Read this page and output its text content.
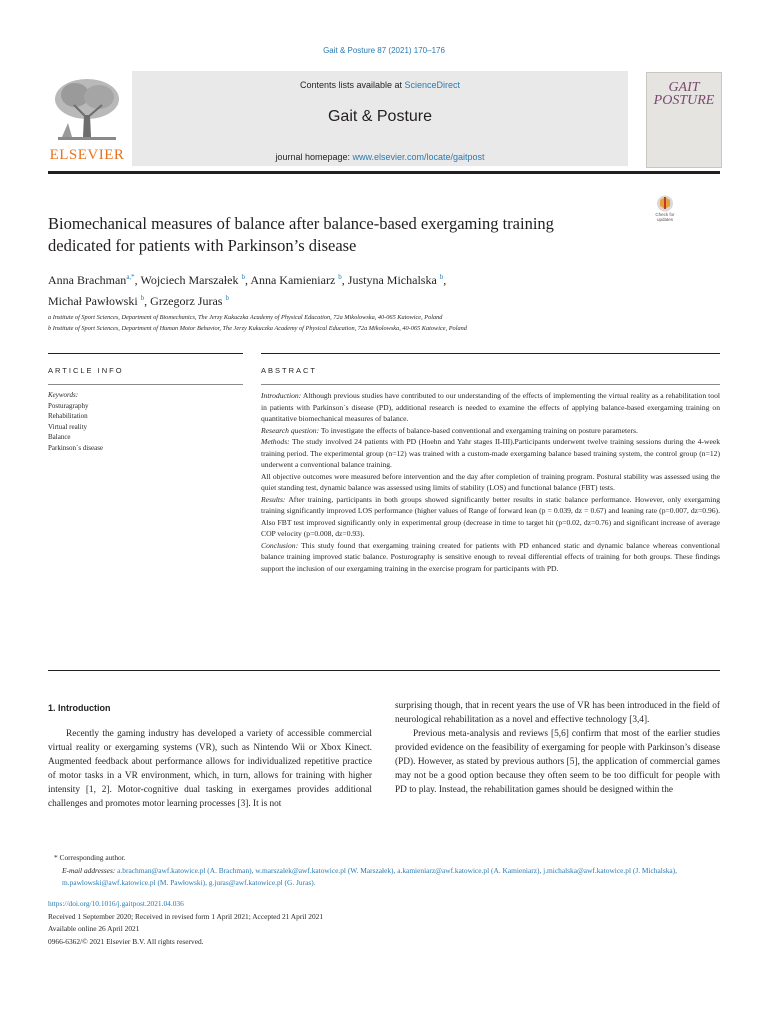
Gait & Posture 87 (2021) 170–176
Contents lists available at ScienceDirect
Gait & Posture
journal homepage: www.elsevier.com/locate/gaitpost
ELSEVIER
GAIT
POSTURE
Biomechanical measures of balance after balance-based exergaming training dedicated for patients with Parkinson’s disease
Check for updates
Anna Brachman$^{a,*}$, Wojciech Marszałek $^b$, Anna Kamieniarz $^b$, Justyna Michalska $^b$,
Michał Pawłowski $^b$, Grzegorz Juras $^b$
a Institute of Sport Sciences, Department of Biomechanics, The Jerzy Kukuczka Academy of Physical Education, 72a Mikolowska, 40-065 Katowice, Poland
b Institute of Sport Sciences, Department of Human Motor Behavior, The Jerzy Kukuczka Academy of Physical Education, 72a Mikolowska, 40-065 Katowice, Poland
ARTICLE INFO	ABSTRACT
Keywords:
Posturagraphy
Rehabilitation
Virtual reality
Balance
Parkinson´s disease

Introduction: Although previous studies have contributed to our understanding of the effects of implementing the virtual reality as a rehabilitation tool in patients with Parkinson´s disease (PD), additional research is needed to examine the effects of applying balance-based exergaming training on quantitative biomechanical measures of balance.

Research question: To investigate the effects of balance-based conventional and exergaming training on posture parameters.

Methods: The study involved 24 patients with PD (Hoehn and Yahr stages II-III).Participants underwent twelve training sessions during the 4-week training period. The experimental group (n=12) was trained with a custom-made exergaming balance based training system, the control group (n=12) underwent a conventional balance training.

All objective outcomes were measured before intervention and the day after completion of training program. Postural stability was assessed using the quiet standing test, dynamic balance was assessed using limits of stability (LOS) and functional balance (FBT) tests.

Results: After training, participants in both groups showed significantly better results in static balance performance. However, only exergaming training significantly improved LOS performance (higher values of Range of forward lean (p = 0.039, dz = 0.67) and leaning rate (p=0.007, dz=0.96). Also FBT test improved significantly only in experimental group (decrease in time to target hit (p=0.02, dz=0.76) and significant increase of average COP velocity (p=0.008, dz=0.93).

Conclusion: This study found that exergaming training created for patients with PD enhanced static and dynamic balance whereas conventional balance training improved static balance. Posturography is sensitive enough to reveal differential effects of training for both groups. These findings support the inclusion of our exergaming training in the exercise program for participants with PD.

1. Introduction

Recently the gaming industry has developed a variety of accessible commercial virtual reality or exergaming systems (VR), such as Nintendo Wii or Xbox Kinect. Augmented feedback about performance allows for individualized repetitive practice of motor tasks in a VR environment, which, in turn, allows for training with higher intensity [1, 2]. Motor-cognitive dual tasking in exergames provides additional challenges and promotes motor learning processes [3]. It is not

surprising though, that in recent years the use of VR has been introduced in the field of neurological rehabilitation as a novel and effective technology [3,4].

Previous meta-analysis and reviews [5,6] confirm that most of the earlier studies provided evidence on the feasibility of exergaming for people with Parkinson’s disease (PD). However, as stated by previous authors [5], the application of commercial games may not be a good option because they often seem to be too difficult for people with PD to play. Instead, the rehabilitation games should be designed within the

* Corresponding author.

E-mail addresses: a.brachman@awf.katowice.pl (A. Brachman), w.marszalek@awf.katowice.pl (W. Marszałek), a.kamieniarz@awf.katowice.pl (A. Kamieniarz), j.michalska@awf.katowice.pl (J. Michalska), m.pawlowski@awf.katowice.pl (M. Pawłowski), g.juras@awf.katowice.pl (G. Juras).

https://doi.org/10.1016/j.gaitpost.2021.04.036

Received 1 September 2020; Received in revised form 1 April 2021; Accepted 21 April 2021

Available online 26 April 2021

0966-6362/© 2021 Elsevier B.V. All rights reserved.
